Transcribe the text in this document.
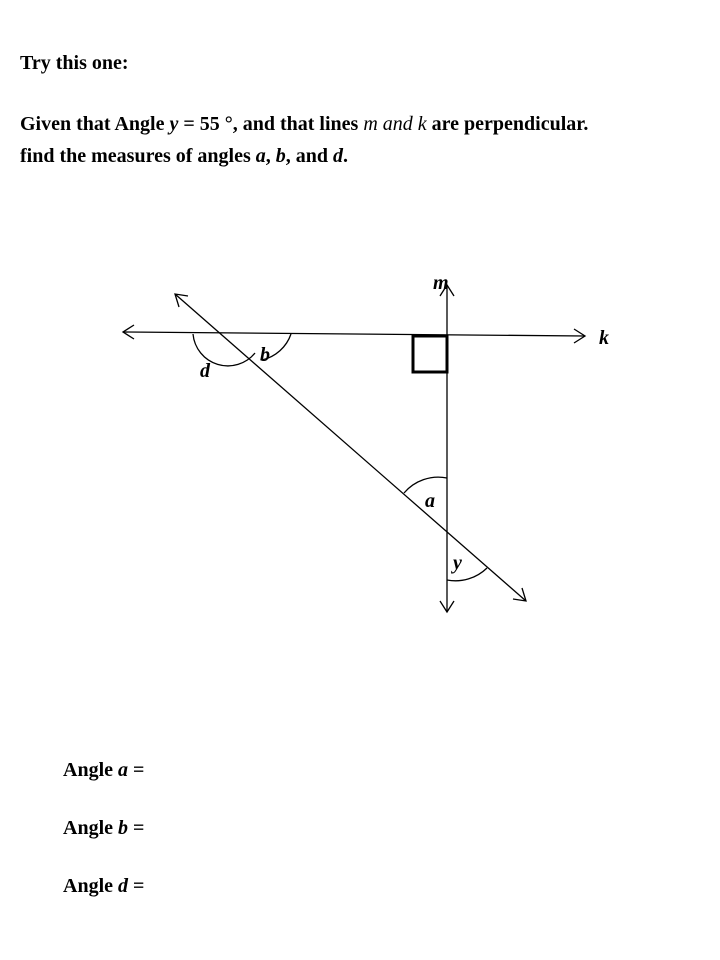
Try this one:

Given that Angle y = 55 °, and that lines m and k are perpendicular.
find the measures of angles a, b, and d.

m
k
b
d
a
y
Angle a =
Angle b =
Angle d =
